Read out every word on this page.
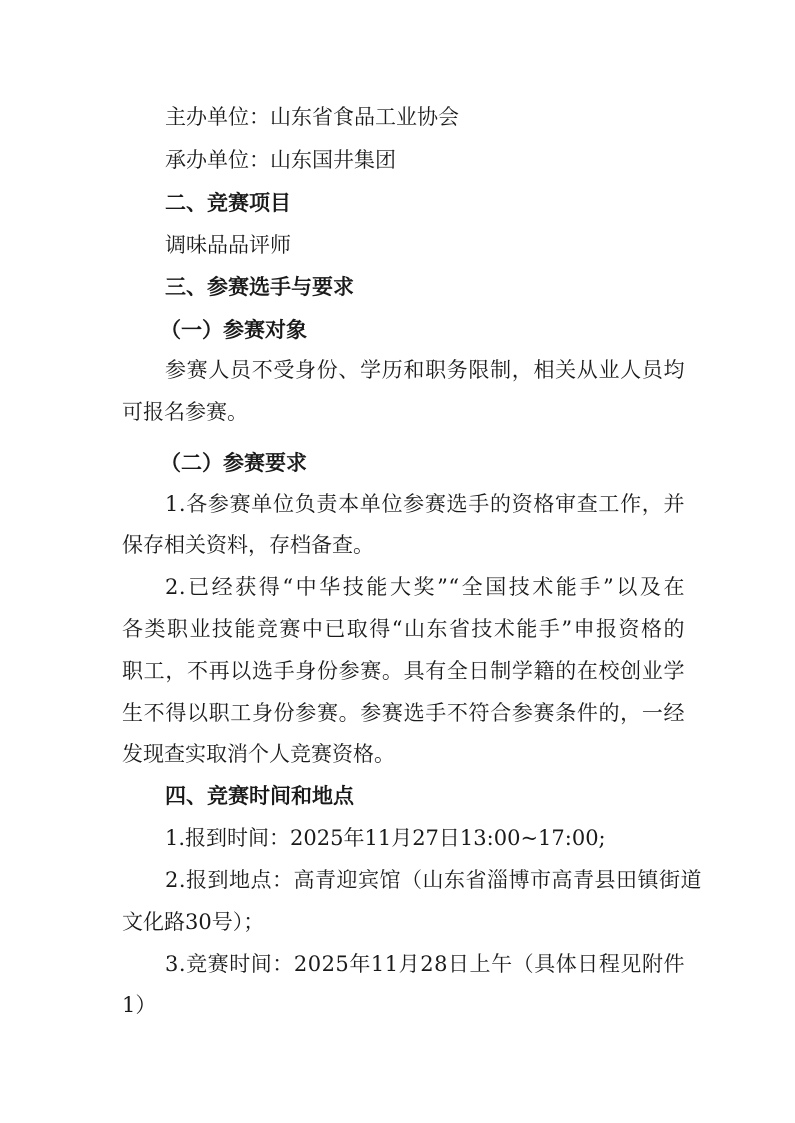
主办单位：山东省食品工业协会
承办单位：山东国井集团
二、竞赛项目
调味品品评师
三、参赛选手与要求
（一）参赛对象
参赛人员不受身份、学历和职务限制，相关从业人员均
可报名参赛。
（二）参赛要求
1.各参赛单位负责本单位参赛选手的资格审查工作，并
保存相关资料，存档备查。
2.已经获得“中华技能大奖”“全国技术能手”以及在
各类职业技能竞赛中已取得“山东省技术能手”申报资格的
职工，不再以选手身份参赛。具有全日制学籍的在校创业学
生不得以职工身份参赛。参赛选手不符合参赛条件的，一经
发现查实取消个人竞赛资格。
四、竞赛时间和地点
1.报到时间：2025年11月27日13:00~17:00;
2.报到地点：高青迎宾馆（山东省淄博市高青县田镇街道
文化路30号）；
3.竞赛时间：2025年11月28日上午（具体日程见附件
1）
